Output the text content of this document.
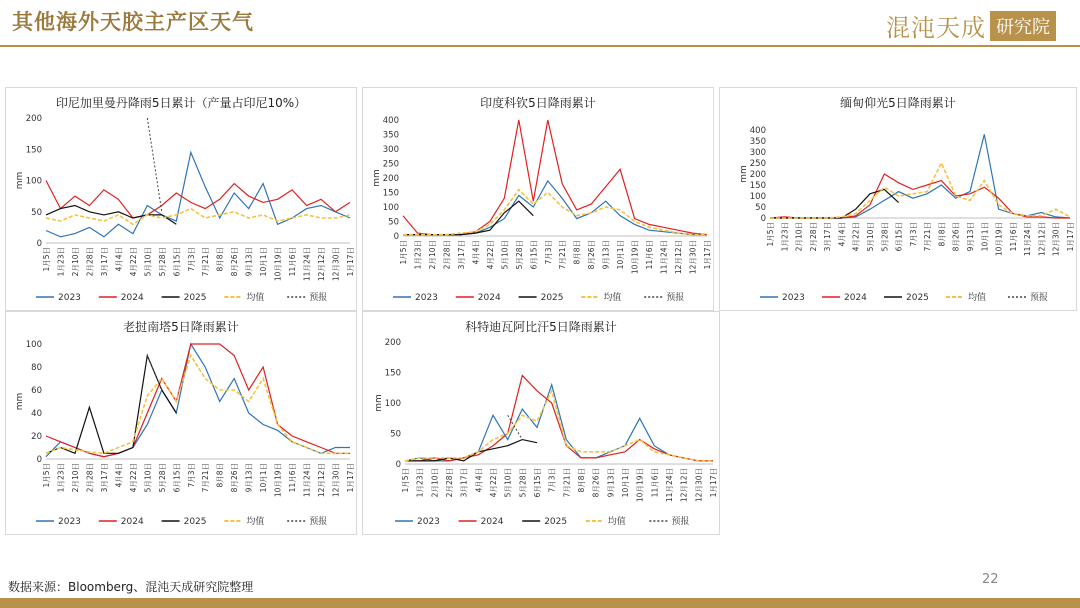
其他海外天胶主产区天气	混沌天成 研究院
印尼加里曼丹降雨5日累计（产量占印尼10%）
0
50
100
150
200
mm
1月5日 1月23日 2月10日 2月28日 3月17日 4月4日 4月22日 5月10日 5月28日 6月15日 7月3日 7月21日 8月8日 8月26日 9月13日 10月1日 10月19日 11月6日 11月24日 12月12日 12月30日 1月17日
2023	2024	2025	均值	预报
印度科钦5日降雨累计
0
50
100
150
200
250
300
350
400
mm
1月5日 1月23日 2月10日 2月28日 3月17日 4月4日 4月22日 5月10日 5月28日 6月15日 7月3日 7月21日 8月8日 8月26日 9月13日 10月1日 10月19日 11月6日 11月24日 12月12日 12月30日 1月17日
2023	2024	2025	均值	预报
缅甸仰光5日降雨累计
0
50
100
150
200
250
300
350
400
mm
1月5日 1月23日 2月10日 2月28日 3月17日 4月4日 4月22日 5月10日 5月28日 6月15日 7月3日 7月21日 8月8日 8月26日 9月13日 10月1日 10月19日 11月6日 11月24日 12月12日 12月30日 1月17日
2023	2024	2025	均值	预报
老挝南塔5日降雨累计
0
20
40
60
80
100
mm
1月5日 1月23日 2月10日 2月28日 3月17日 4月4日 4月22日 5月10日 5月28日 6月15日 7月3日 7月21日 8月8日 8月26日 9月13日 10月1日 10月19日 11月6日 11月24日 12月12日 12月30日 1月17日
2023	2024	2025	均值	预报
科特迪瓦阿比汗5日降雨累计
0
50
100
150
200
mm
1月5日 1月23日 2月10日 2月28日 3月17日 4月4日 4月22日 5月10日 5月28日 6月15日 7月3日 7月21日 8月8日 8月26日 9月13日 10月1日 10月19日 11月6日 11月24日 12月12日 12月30日 1月17日
2023	2024	2025	均值	预报
数据来源：Bloomberg、混沌天成研究院整理	22
